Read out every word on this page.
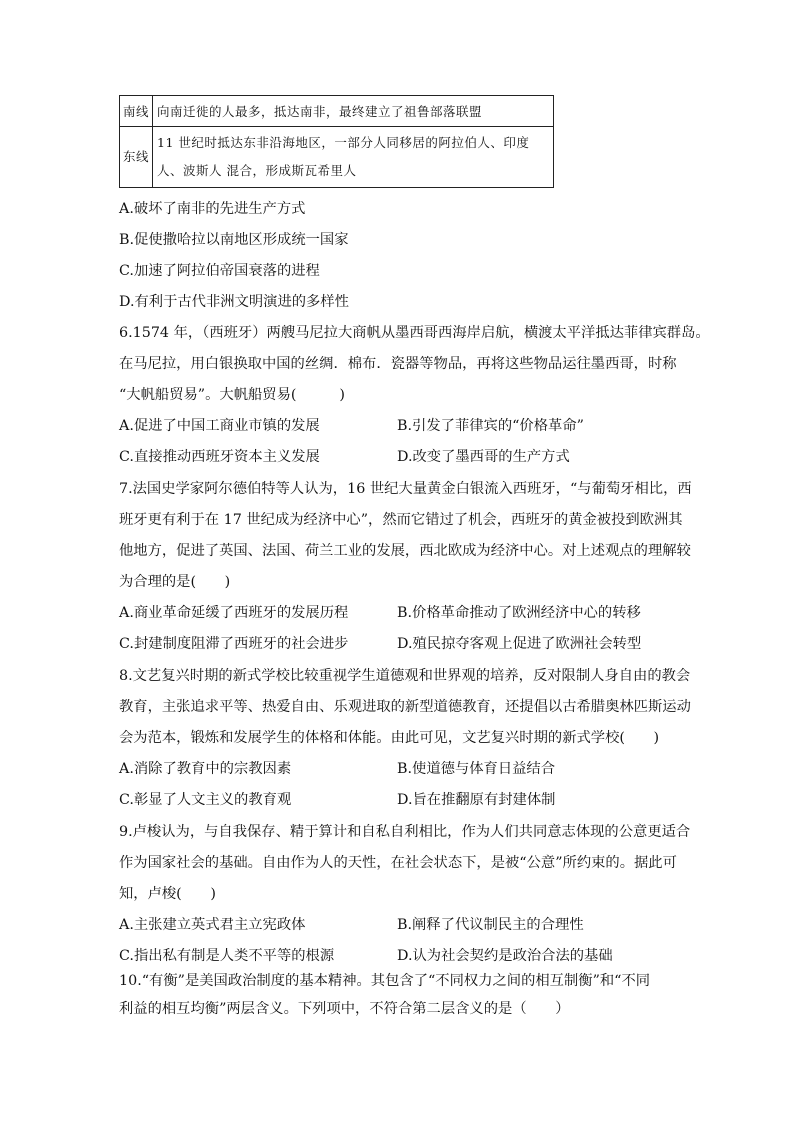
南线	向南迁徙的人最多，抵达南非，最终建立了祖鲁部落联盟
东线	11 世纪时抵达东非沿海地区，一部分人同移居的阿拉伯人、印度
人、波斯人 混合，形成斯瓦希里人
A.破坏了南非的先进生产方式
B.促使撒哈拉以南地区形成统一国家
C.加速了阿拉伯帝国衰落的进程
D.有利于古代非洲文明演进的多样性
6.1574 年，（西班牙）两艘马尼拉大商帆从墨西哥西海岸启航，横渡太平洋抵达菲律宾群岛。
在马尼拉，用白银换取中国的丝绸．棉布．瓷器等物品，再将这些物品运往墨西哥，时称
“大帆船贸易”。大帆船贸易(　　　)
A.促进了中国工商业市镇的发展	B.引发了菲律宾的“价格革命”
C.直接推动西班牙资本主义发展	D.改变了墨西哥的生产方式
7.法国史学家阿尔德伯特等人认为，16 世纪大量黄金白银流入西班牙，“与葡萄牙相比，西
班牙更有利于在 17 世纪成为经济中心”，然而它错过了机会，西班牙的黄金被投到欧洲其
他地方，促进了英国、法国、荷兰工业的发展，西北欧成为经济中心。对上述观点的理解较
为合理的是(　　)
A.商业革命延缓了西班牙的发展历程	B.价格革命推动了欧洲经济中心的转移
C.封建制度阻滞了西班牙的社会进步	D.殖民掠夺客观上促进了欧洲社会转型
8.文艺复兴时期的新式学校比较重视学生道德观和世界观的培养，反对限制人身自由的教会
教育，主张追求平等、热爱自由、乐观进取的新型道德教育，还提倡以古希腊奥林匹斯运动
会为范本，锻炼和发展学生的体格和体能。由此可见，文艺复兴时期的新式学校(　　)
A.消除了教育中的宗教因素	B.使道德与体育日益结合
C.彰显了人文主义的教育观	D.旨在推翻原有封建体制
9.卢梭认为，与自我保存、精于算计和自私自利相比，作为人们共同意志体现的公意更适合
作为国家社会的基础。自由作为人的天性，在社会状态下，是被“公意”所约束的。据此可
知，卢梭(　　)
A.主张建立英式君主立宪政体	B.阐释了代议制民主的合理性
C.指出私有制是人类不平等的根源	D.认为社会契约是政治合法的基础
10.“有衡”是美国政治制度的基本精神。其包含了“不同权力之间的相互制衡”和“不同
利益的相互均衡”两层含义。下列项中，不符合第二层含义的是（　　）
